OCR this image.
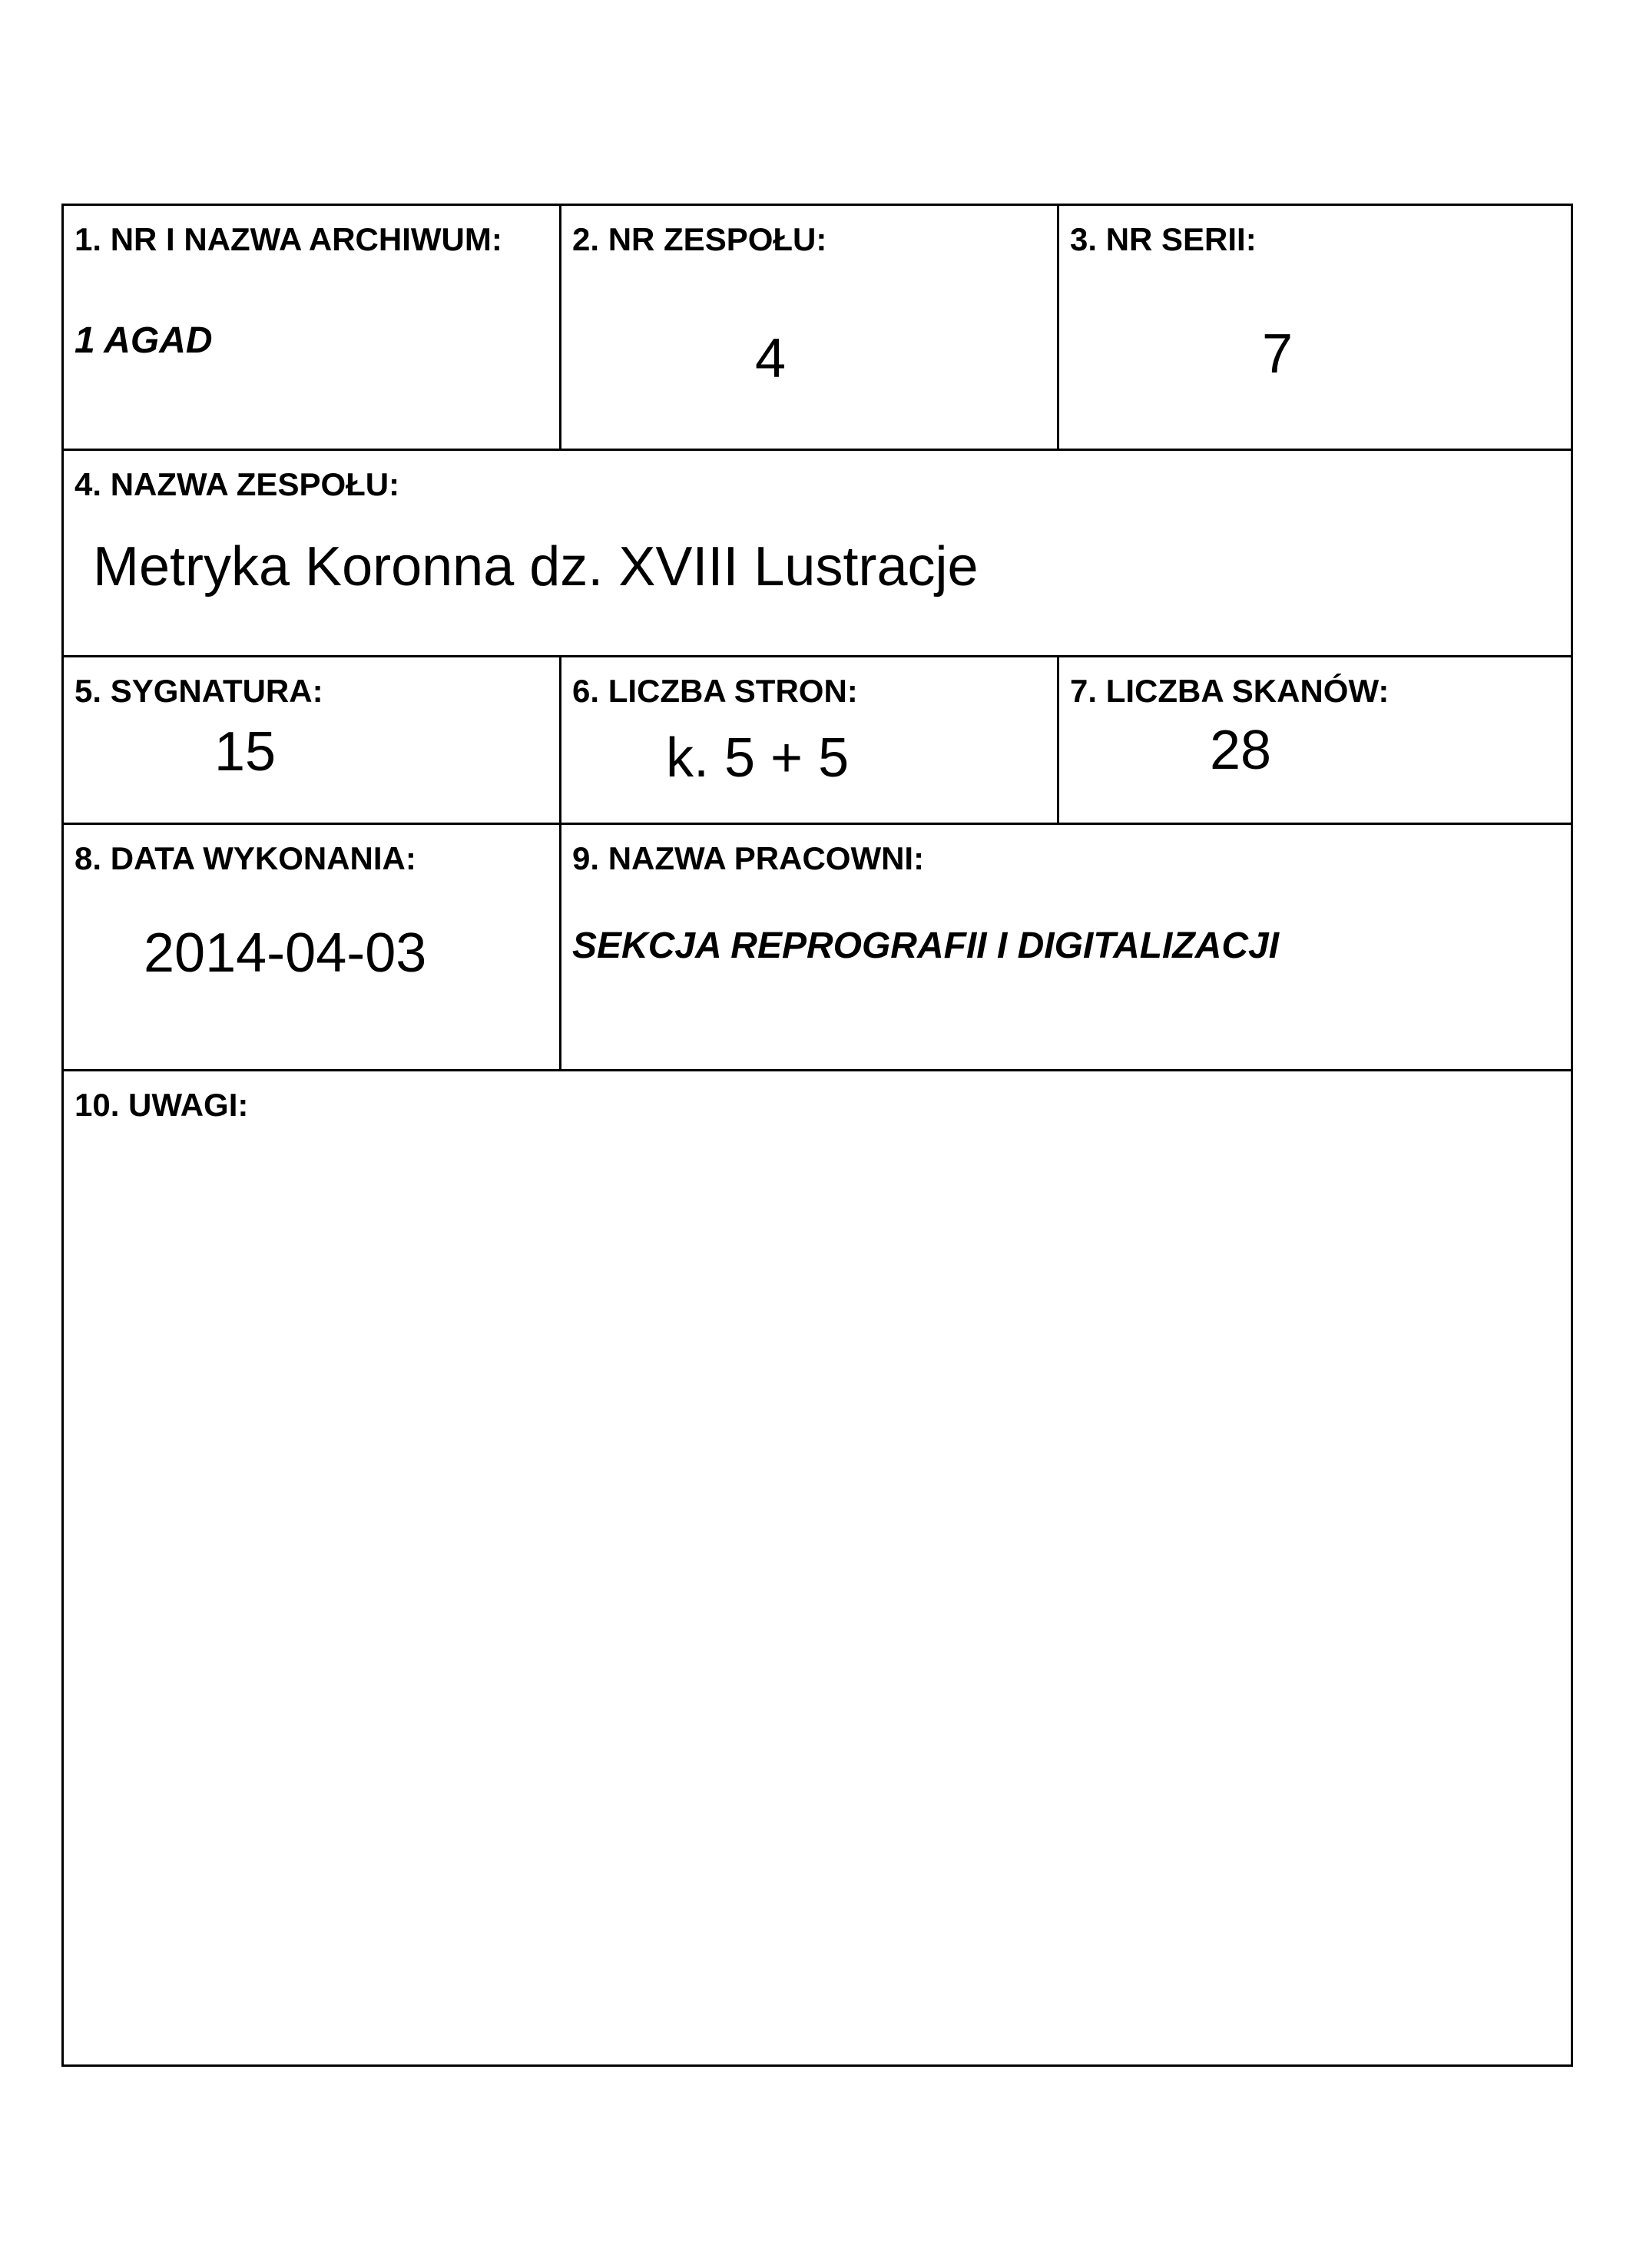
1. NR I NAZWA ARCHIWUM:
1 AGAD
2. NR ZESPOŁU:
4
3. NR SERII:
7
4. NAZWA ZESPOŁU:
Metryka Koronna dz. XVIII Lustracje
5. SYGNATURA:
15
6. LICZBA STRON:
k. 5 + 5
7. LICZBA SKANÓW:
28
8. DATA WYKONANIA:
2014-04-03
9. NAZWA PRACOWNI:
SEKCJA REPROGRAFII I DIGITALIZACJI
10. UWAGI:
